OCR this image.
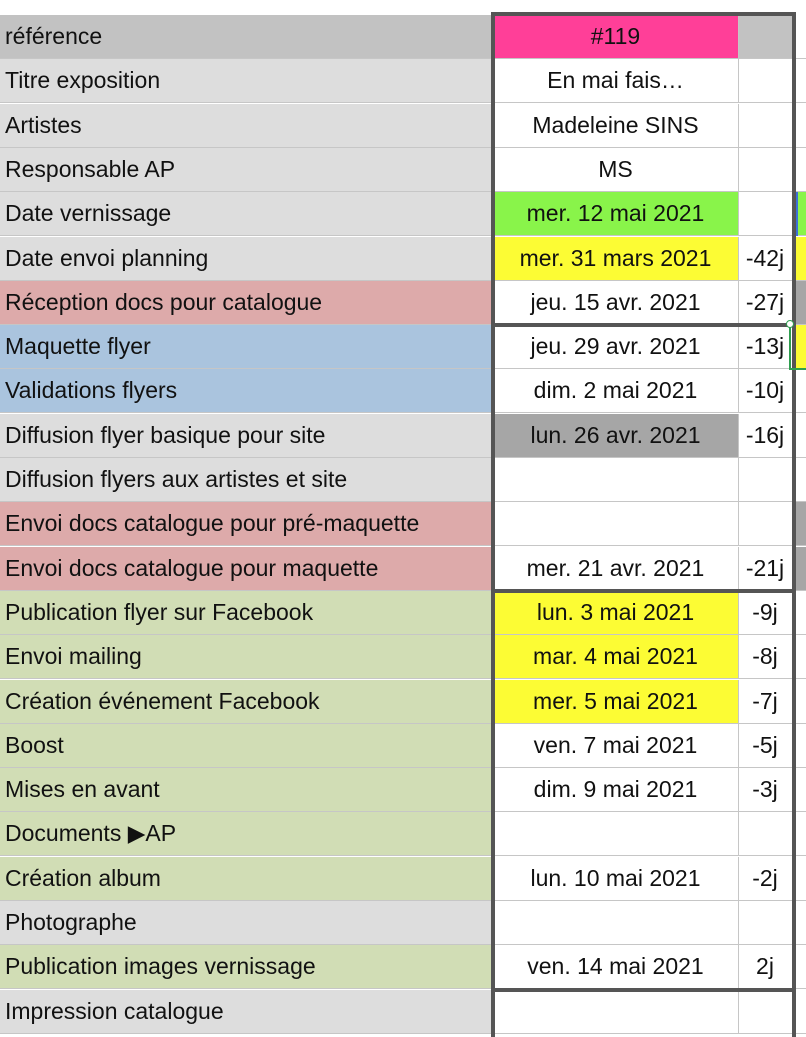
référence	#119
Titre exposition	En mai fais…
Artistes	Madeleine SINS
Responsable AP	MS
Date vernissage	mer. 12 mai 2021
Date envoi planning	mer. 31 mars 2021	-42j
Réception docs pour catalogue	jeu. 15 avr. 2021	-27j
Maquette flyer	jeu. 29 avr. 2021	-13j
Validations flyers	dim. 2 mai 2021	-10j
Diffusion flyer basique pour site	lun. 26 avr. 2021	-16j
Diffusion flyers aux artistes et site
Envoi docs catalogue pour pré-maquette
Envoi docs catalogue pour maquette	mer. 21 avr. 2021	-21j
Publication flyer sur Facebook	lun. 3 mai 2021	-9j
Envoi mailing	mar. 4 mai 2021	-8j
Création événement Facebook	mer. 5 mai 2021	-7j
Boost	ven. 7 mai 2021	-5j
Mises en avant	dim. 9 mai 2021	-3j
Documents ▶AP
Création album	lun. 10 mai 2021	-2j
Photographe
Publication images vernissage	ven. 14 mai 2021	2j
Impression catalogue
